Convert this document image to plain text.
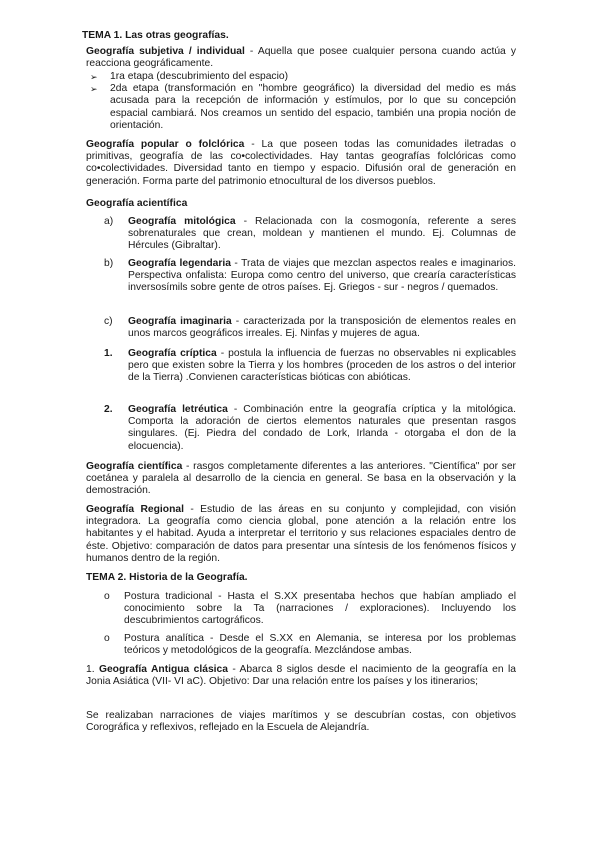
TEMA 1. Las otras geografías.
Geografía subjetiva / individual - Aquella que posee cualquier persona cuando actúa y reacciona geográficamente.
➢	1ra etapa (descubrimiento del espacio)
➢	2da etapa (transformación en "hombre geográfico) la diversidad del medio es más acusada para la recepción de información y estímulos, por lo que su concepción espacial cambiará. Nos creamos un sentido del espacio, también una propia noción de orientación.
Geografía popular o folclórica - La que poseen todas las comunidades iletradas o primitivas, geografía de las co•colectividades. Hay tantas geografías folclóricas como co•colectividades. Diversidad tanto en tiempo y espacio. Difusión oral de generación en generación. Forma parte del patrimonio etnocultural de los diversos pueblos.
Geografía acientífica
a)	Geografía mitológica - Relacionada con la cosmogonía, referente a seres sobrenaturales que crean, moldean y mantienen el mundo. Ej. Columnas de Hércules (Gibraltar).
b)	Geografía legendaria - Trata de viajes que mezclan aspectos reales e imaginarios. Perspectiva onfalista: Europa como centro del universo, que crearía características inversosímils sobre gente de otros países. Ej. Griegos - sur - negros / quemados.
c)	Geografía imaginaria - caracterizada por la transposición de elementos reales en unos marcos geográficos irreales. Ej. Ninfas y mujeres de agua.
1.	Geografía críptica - postula la influencia de fuerzas no observables ni explicables pero que existen sobre la Tierra y los hombres (proceden de los astros o del interior de la Tierra) .Convienen características bióticas con abióticas.
2.	Geografía letréutica - Combinación entre la geografía críptica y la mitológica. Comporta la adoración de ciertos elementos naturales que presentan rasgos singulares. (Ej. Piedra del condado de Lork, Irlanda - otorgaba el don de la elocuencia).
Geografía científica - rasgos completamente diferentes a las anteriores. "Científica" por ser coetánea y paralela al desarrollo de la ciencia en general. Se basa en la observación y la demostración.
Geografía Regional - Estudio de las áreas en su conjunto y complejidad, con visión integradora. La geografía como ciencia global, pone atención a la relación entre los habitantes y el habitad. Ayuda a interpretar el territorio y sus relaciones espaciales dentro de éste. Objetivo: comparación de datos para presentar una síntesis de los fenómenos físicos y humanos dentro de la región.
TEMA 2. Historia de la Geografía.
o	Postura tradicional - Hasta el S.XX presentaba hechos que habían ampliado el conocimiento sobre la Ta (narraciones / exploraciones). Incluyendo los descubrimientos cartográficos.
o	Postura analítica - Desde el S.XX en Alemania, se interesa por los problemas teóricos y metodológicos de la geografía. Mezclándose ambas.
1. Geografía Antigua clásica - Abarca 8 siglos desde el nacimiento de la geografía en la Jonia Asiática (VII- VI aC). Objetivo: Dar una relación entre los países y los itinerarios;
Se realizaban narraciones de viajes marítimos y se descubrían costas, con objetivos Corográfica y reflexivos, reflejado en la Escuela de Alejandría.
